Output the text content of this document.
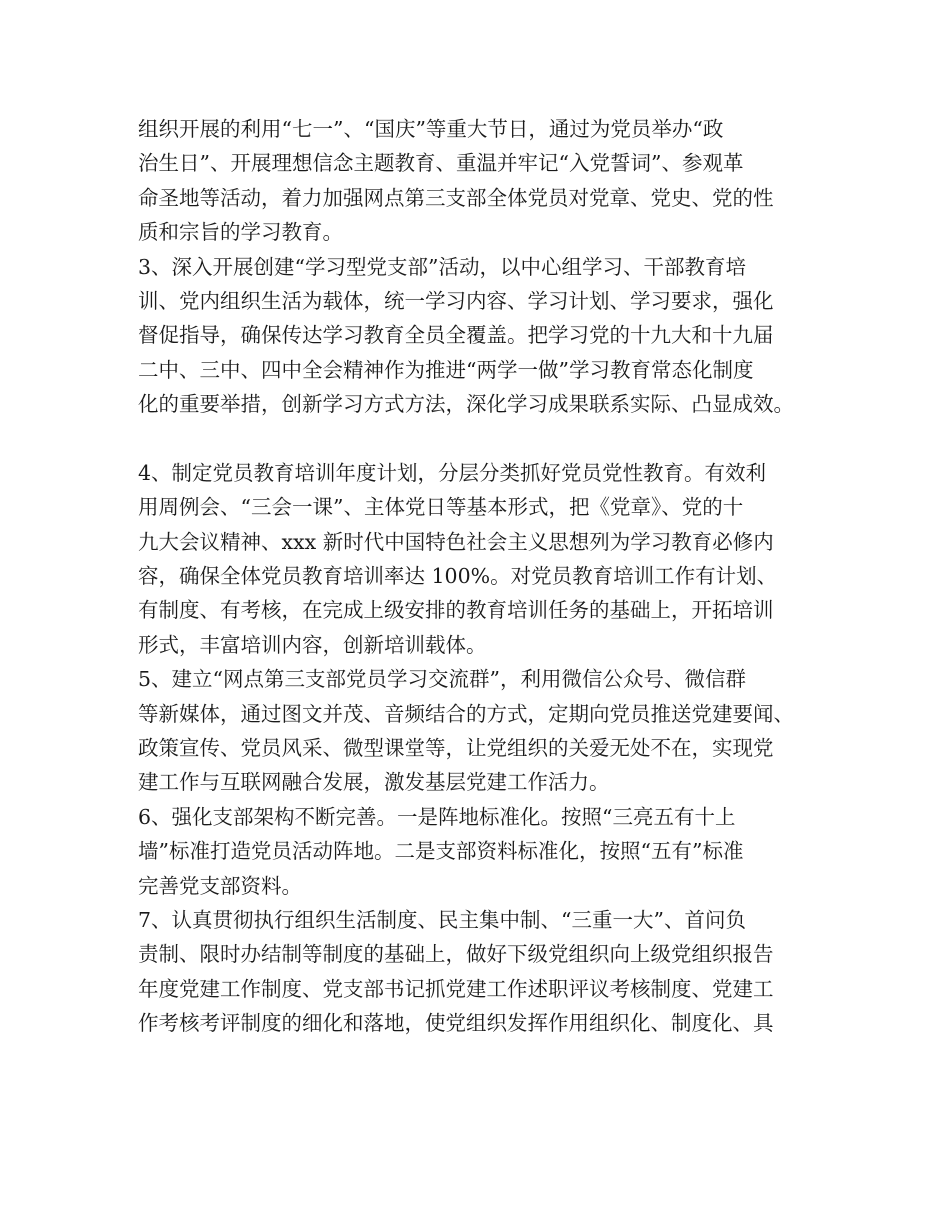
组织开展的利用“七一”、“国庆”等重大节日，通过为党员举办“政
治生日”、开展理想信念主题教育、重温并牢记“入党誓词”、参观革
命圣地等活动，着力加强网点第三支部全体党员对党章、党史、党的性
质和宗旨的学习教育。
3、深入开展创建“学习型党支部”活动，以中心组学习、干部教育培
训、党内组织生活为载体，统一学习内容、学习计划、学习要求，强化
督促指导，确保传达学习教育全员全覆盖。把学习党的十九大和十九届
二中、三中、四中全会精神作为推进“两学一做”学习教育常态化制度
化的重要举措，创新学习方式方法，深化学习成果联系实际、凸显成效。
4、制定党员教育培训年度计划，分层分类抓好党员党性教育。有效利
用周例会、“三会一课”、主体党日等基本形式，把《党章》、党的十
九大会议精神、xxx 新时代中国特色社会主义思想列为学习教育必修内
容，确保全体党员教育培训率达 100%。对党员教育培训工作有计划、
有制度、有考核，在完成上级安排的教育培训任务的基础上，开拓培训
形式，丰富培训内容，创新培训载体。
5、建立“网点第三支部党员学习交流群”，利用微信公众号、微信群
等新媒体，通过图文并茂、音频结合的方式，定期向党员推送党建要闻、
政策宣传、党员风采、微型课堂等，让党组织的关爱无处不在，实现党
建工作与互联网融合发展，激发基层党建工作活力。
6、强化支部架构不断完善。一是阵地标准化。按照“三亮五有十上
墙”标准打造党员活动阵地。二是支部资料标准化，按照“五有”标准
完善党支部资料。
7、认真贯彻执行组织生活制度、民主集中制、“三重一大”、首问负
责制、限时办结制等制度的基础上，做好下级党组织向上级党组织报告
年度党建工作制度、党支部书记抓党建工作述职评议考核制度、党建工
作考核考评制度的细化和落地，使党组织发挥作用组织化、制度化、具
